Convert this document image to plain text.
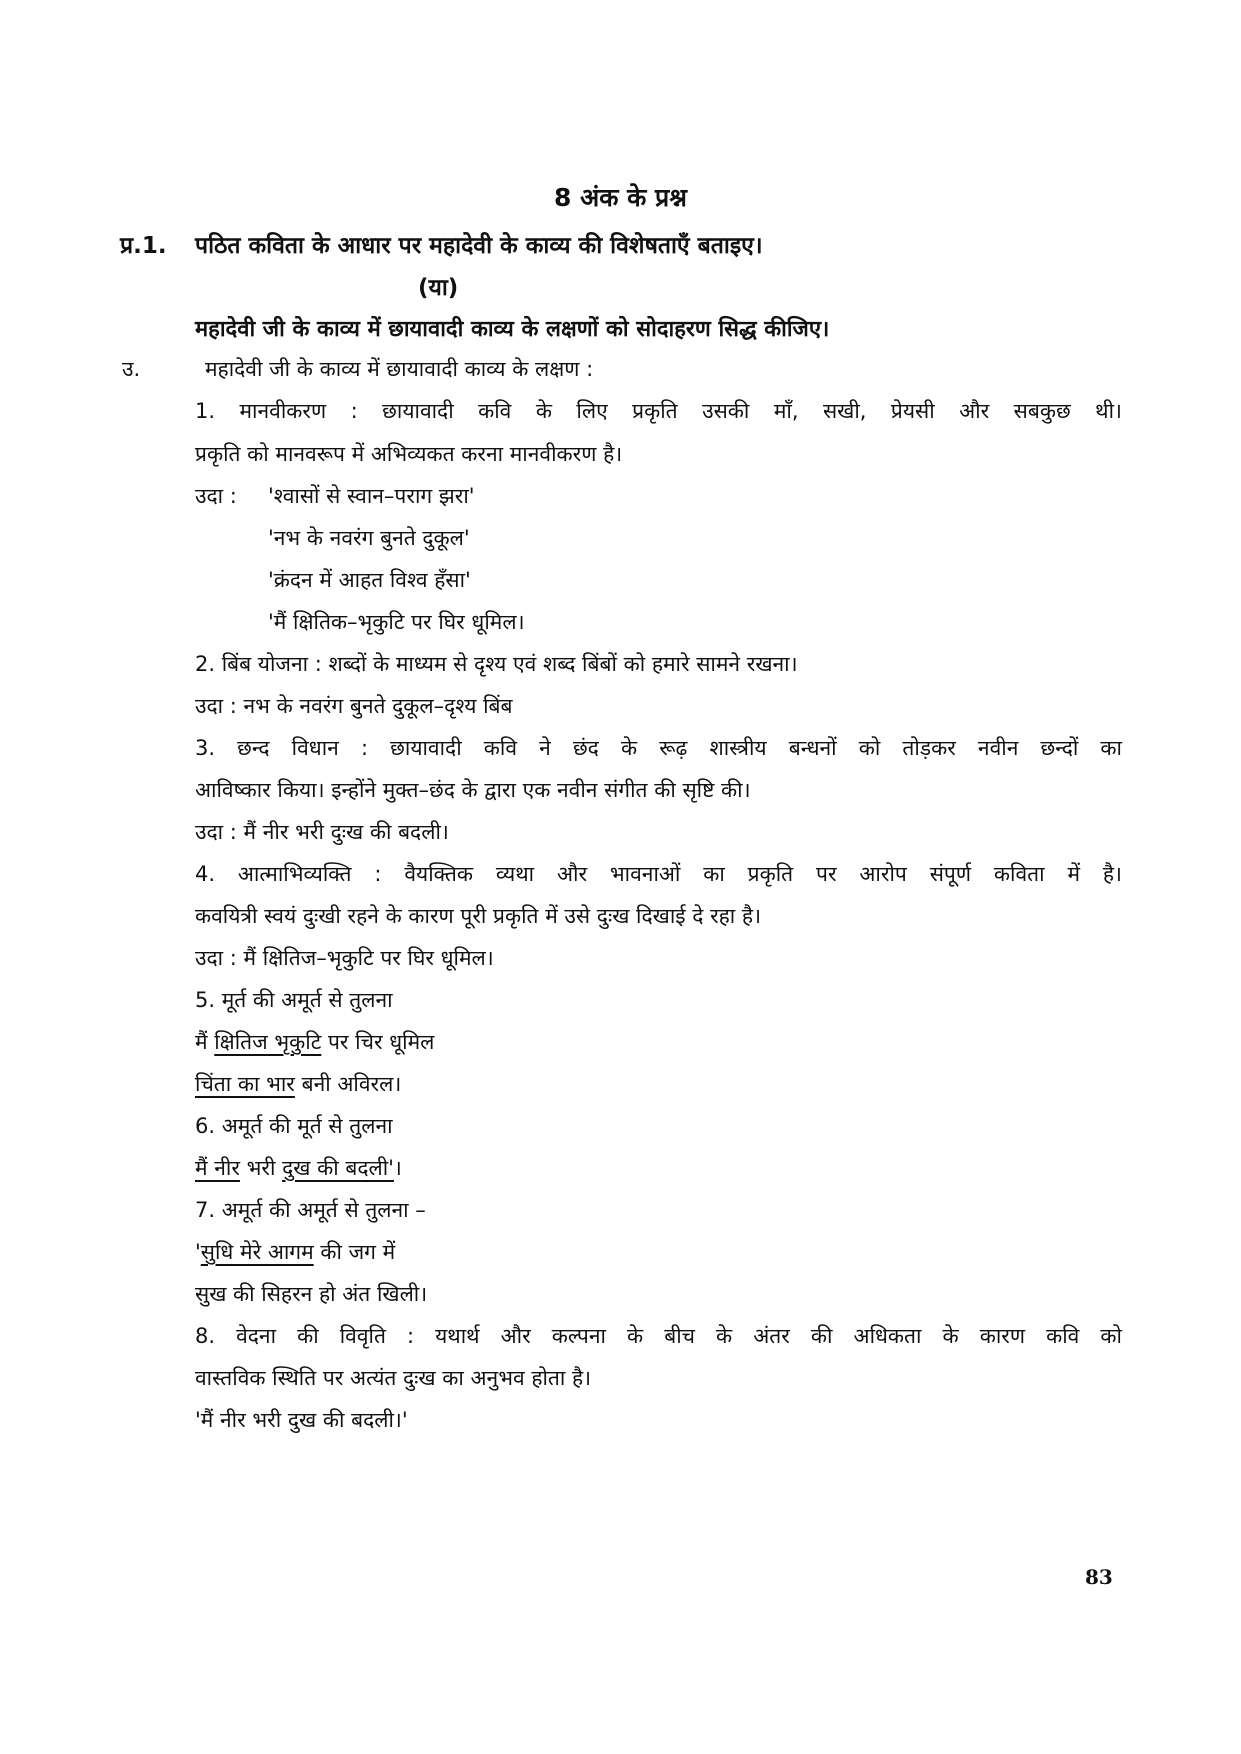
8 अंक के प्रश्न
प्र.1. पठित कविता के आधार पर महादेवी के काव्य की विशेषताएँ बताइए।
(या)
महादेवी जी के काव्य में छायावादी काव्य के लक्षणों को सोदाहरण सिद्ध कीजिए।
उ.	महादेवी जी के काव्य में छायावादी काव्य के लक्षण :
1. मानवीकरण : छायावादी कवि के लिए प्रकृति उसकी माँ, सखी, प्रेयसी और सबकुछ थी।
प्रकृति को मानवरूप में अभिव्यकत करना मानवीकरण है।
उदा : 'श्वासों से स्वान–पराग झरा'
'नभ के नवरंग बुनते दुकूल'
'क्रंदन में आहत विश्व हँसा'
'मैं क्षितिक–भृकुटि पर घिर धूमिल।
2. बिंब योजना : शब्दों के माध्यम से दृश्य एवं शब्द बिंबों को हमारे सामने रखना।
उदा : नभ के नवरंग बुनते दुकूल–दृश्य बिंब
3. छन्द विधान : छायावादी कवि ने छंद के रूढ़ शास्त्रीय बन्धनों को तोड़कर नवीन छन्दों का
आविष्कार किया। इन्होंने मुक्त–छंद के द्वारा एक नवीन संगीत की सृष्टि की।
उदा : मैं नीर भरी दुःख की बदली।
4. आत्माभिव्यक्ति : वैयक्तिक व्यथा और भावनाओं का प्रकृति पर आरोप संपूर्ण कविता में है।
कवयित्री स्वयं दुःखी रहने के कारण पूरी प्रकृति में उसे दुःख दिखाई दे रहा है।
उदा : मैं क्षितिज–भृकुटि पर घिर धूमिल।
5. मूर्त की अमूर्त से तुलना
मैं क्षितिज भृकुटि पर चिर धूमिल
चिंता का भार बनी अविरल।
6. अमूर्त की मूर्त से तुलना
मैं नीर भरी दुख की बदली'।
7. अमूर्त की अमूर्त से तुलना –
'सुधि मेरे आगम की जग में
सुख की सिहरन हो अंत खिली।
8. वेदना की विवृति : यथार्थ और कल्पना के बीच के अंतर की अधिकता के कारण कवि को
वास्तविक स्थिति पर अत्यंत दुःख का अनुभव होता है।
'मैं नीर भरी दुख की बदली।'
83
